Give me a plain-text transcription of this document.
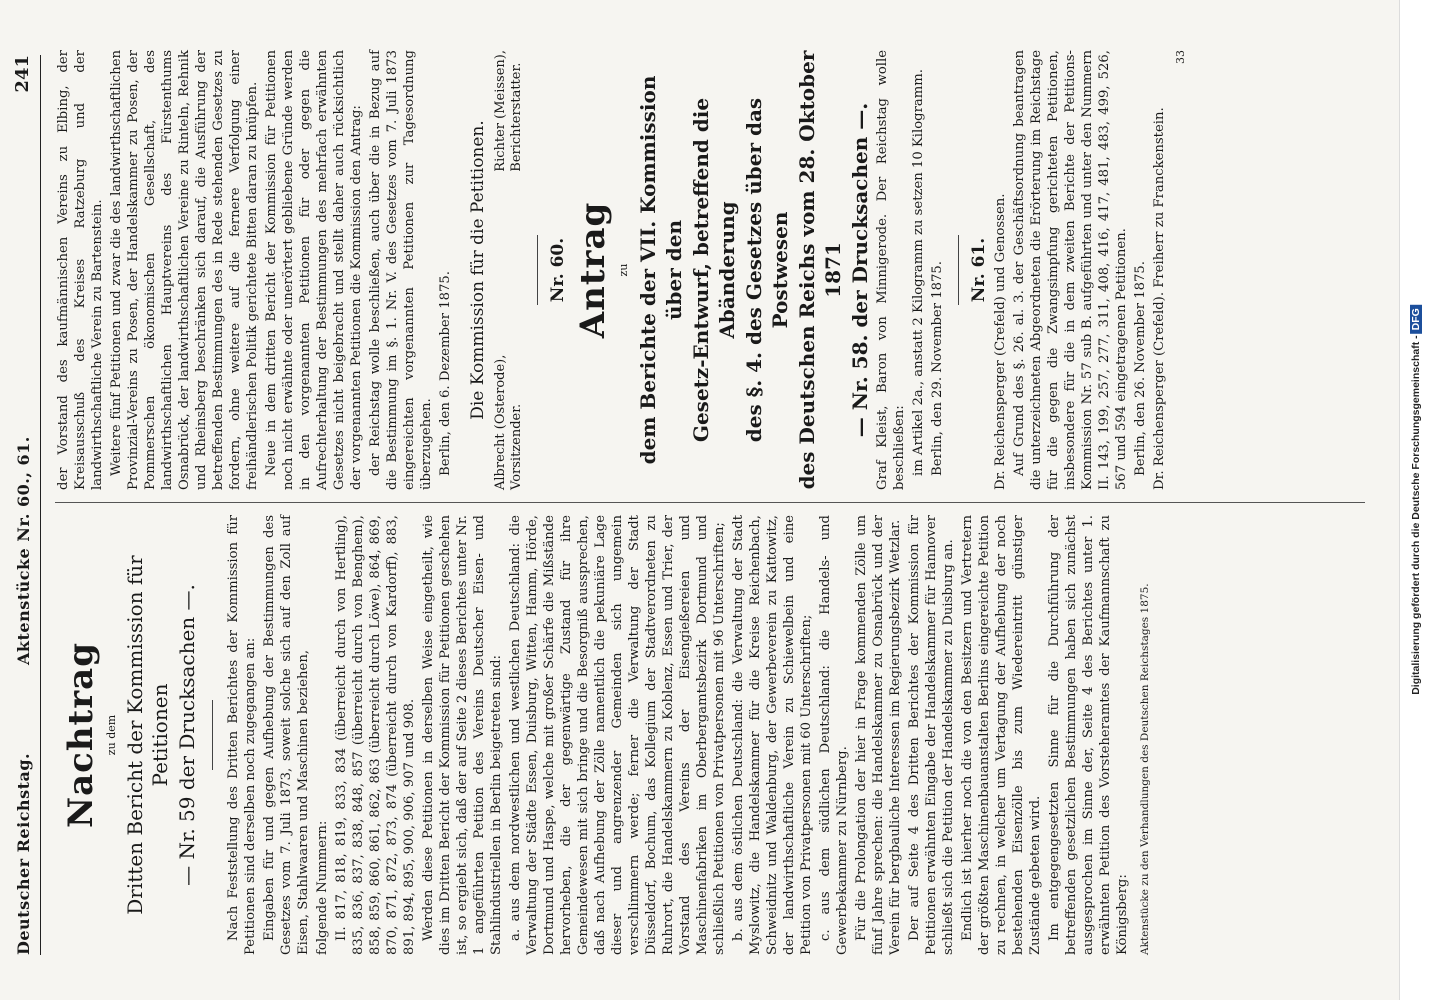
Deutscher Reichstag.
Aktenstücke Nr. 60., 61.
241
Nachtrag zu dem Dritten Bericht der Kommission für Petitionen — Nr. 59 der Drucksachen —. Nach Feststellung des Dritten Berichtes der Kommission für Petitionen sind derselben noch zugegangen an: Eingaben für und gegen Aufhebung der Bestimmungen des Gesetzes vom 7. Juli 1873, soweit solche sich auf den Zoll auf Eisen, Stahlwaaren und Maschinen beziehen, folgende Nummern: II. 817, 818, 819, 833, 834 (überreicht durch von Hertling), 835, 836, 837, 838, 848, 857 (überreicht durch von Benghem), 858, 859, 860, 861, 862, 863 (überreicht durch Löwe), 864, 869, 870, 871, 872, 873, 874 (überreicht durch von Kardorff), 883, 891, 894, 895, 900, 906, 907 und 908. Werden diese Petitionen in derselben Weise eingetheilt, wie dies im Dritten Bericht der Kommission für Petitionen geschehen ist, so ergiebt sich, daß der auf Seite 2 dieses Berichtes unter Nr. 1 angeführten Petition des Vereins Deutscher Eisen- und Stahlindustriellen in Berlin beigetreten sind: a. aus dem nordwestlichen und westlichen Deutschland: die Verwaltung der Städte Essen, Duisburg, Witten, Hamm, Hörde, Dortmund und Haspe, welche mit großer Schärfe die Mißstände hervorheben, die der gegenwärtige Zustand für ihre Gemeindewesen mit sich bringe und die Besorgniß aussprechen, daß nach Aufhebung der Zölle namentlich die pekuniäre Lage dieser und angrenzender Gemeinden sich ungemein verschlimmern werde; ferner die Verwaltung der Stadt Düsseldorf, Bochum, das Kollegium der Stadtverordneten zu Ruhrort, die Handelskammern zu Koblenz, Essen und Trier, der Vorstand des Vereins der Eisengießereien und Maschinenfabriken im Oberbergamtsbezirk Dortmund und schließlich Petitionen von Privatpersonen mit 96 Unterschriften; b. aus dem östlichen Deutschland: die Verwaltung der Stadt Myslowitz, die Handelskammer für die Kreise Reichenbach, Schweidnitz und Waldenburg, der Gewerbeverein zu Kattowitz, der landwirthschaftliche Verein zu Schiewelbein und eine Petition von Privatpersonen mit 60 Unterschriften; c. aus dem südlichen Deutschland: die Handels- und Gewerbekammer zu Nürnberg. Für die Prolongation der hier in Frage kommenden Zölle um fünf Jahre sprechen: die Handelskammer zu Osnabrück und der Verein für bergbauliche Interessen im Regierungsbezirk Wetzlar. Der auf Seite 4 des Dritten Berichtes der Kommission für Petitionen erwähnten Eingabe der Handelskammer für Hannover schließt sich die Petition der Handelskammer zu Duisburg an. Endlich ist hierher noch die von den Besitzern und Vertretern der größten Maschinenbauanstalten Berlins eingereichte Petition zu rechnen, in welcher um Vertagung der Aufhebung der noch bestehenden Eisenzölle bis zum Wiedereintritt günstiger Zustände gebeten wird. Im entgegengesetzten Sinne für die Durchführung der betreffenden gesetzlichen Bestimmungen haben sich zunächst ausgesprochen im Sinne der, Seite 4 des Berichtes unter 1. erwähnten Petition des Vorsteheramtes der Kaufmannschaft zu Königsberg: Aktenstücke zu den Verhandlungen des Deutschen Reichstages 1875.

der Vorstand des kaufmännischen Vereins zu Elbing, der Kreisausschuß des Kreises Ratzeburg und der landwirthschaftliche Verein zu Bartenstein. Weitere fünf Petitionen und zwar die des landwirthschaftlichen Provinzial-Vereins zu Posen, der Handelskammer zu Posen, der Pommerschen ökonomischen Gesellschaft, des landwirthschaftlichen Hauptvereins des Fürstenthums Osnabrück, der landwirthschaftlichen Vereine zu Rinteln, Rehnik und Rheinsberg beschränken sich darauf, die Ausführung der betreffenden Bestimmungen des in Rede stehenden Gesetzes zu fordern, ohne weitere auf die fernere Verfolgung einer freihändlerischen Politik gerichtete Bitten daran zu knüpfen. Neue in dem dritten Bericht der Kommission für Petitionen noch nicht erwähnte oder unerörtert gebliebene Gründe werden in den vorgenannten Petitionen für oder gegen die Aufrechterhaltung der Bestimmungen des mehrfach erwähnten Gesetzes nicht beigebracht und stellt daher auch rücksichtlich der vorgenannten Petitionen die Kommission den Antrag: der Reichstag wolle beschließen, auch über die in Bezug auf die Bestimmung im §. 1. Nr. V. des Gesetzes vom 7. Juli 1873 eingereichten vorgenannten Petitionen zur Tagesordnung überzugehen. Berlin, den 6. Dezember 1875. Die Kommission für die Petitionen.
Albrecht (Osterode), Vorsitzender.
Richter (Meissen), Berichterstatter.
Nr. 60. Antrag zu dem Berichte der VII. Kommission über den Gesetz-Entwurf, betreffend die Abänderung des §. 4. des Gesetzes über das Postwesen des Deutschen Reichs vom 28. Oktober 1871 — Nr. 58. der Drucksachen —. Graf Kleist, Baron von Minnigerode. Der Reichstag wolle beschließen: im Artikel 2a., anstatt 2 Kilogramm zu setzen 10 Kilogramm. Berlin, den 29. November 1875. Nr. 61. Dr. Reichensperger (Crefeld) und Genossen. Auf Grund des §. 26. al. 3. der Geschäftsordnung beantragen die unterzeichneten Abgeordneten die Erörterung im Reichstage für die gegen die Zwangsimpfung gerichteten Petitionen, insbesondere für die in dem zweiten Berichte der Petitions-Kommission Nr. 57 sub B. aufgeführten und unter den Nummern II. 143, 199, 257, 277, 311, 408, 416, 417, 481, 483, 499, 526, 567 und 594 eingetragenen Petitionen. Berlin, den 26. November 1875. Dr. Reichensperger (Crefeld). Freiherr zu Franckenstein.

33
Digitalisierung gefördert durch die Deutsche Forschungsgemeinschaft -DFG
